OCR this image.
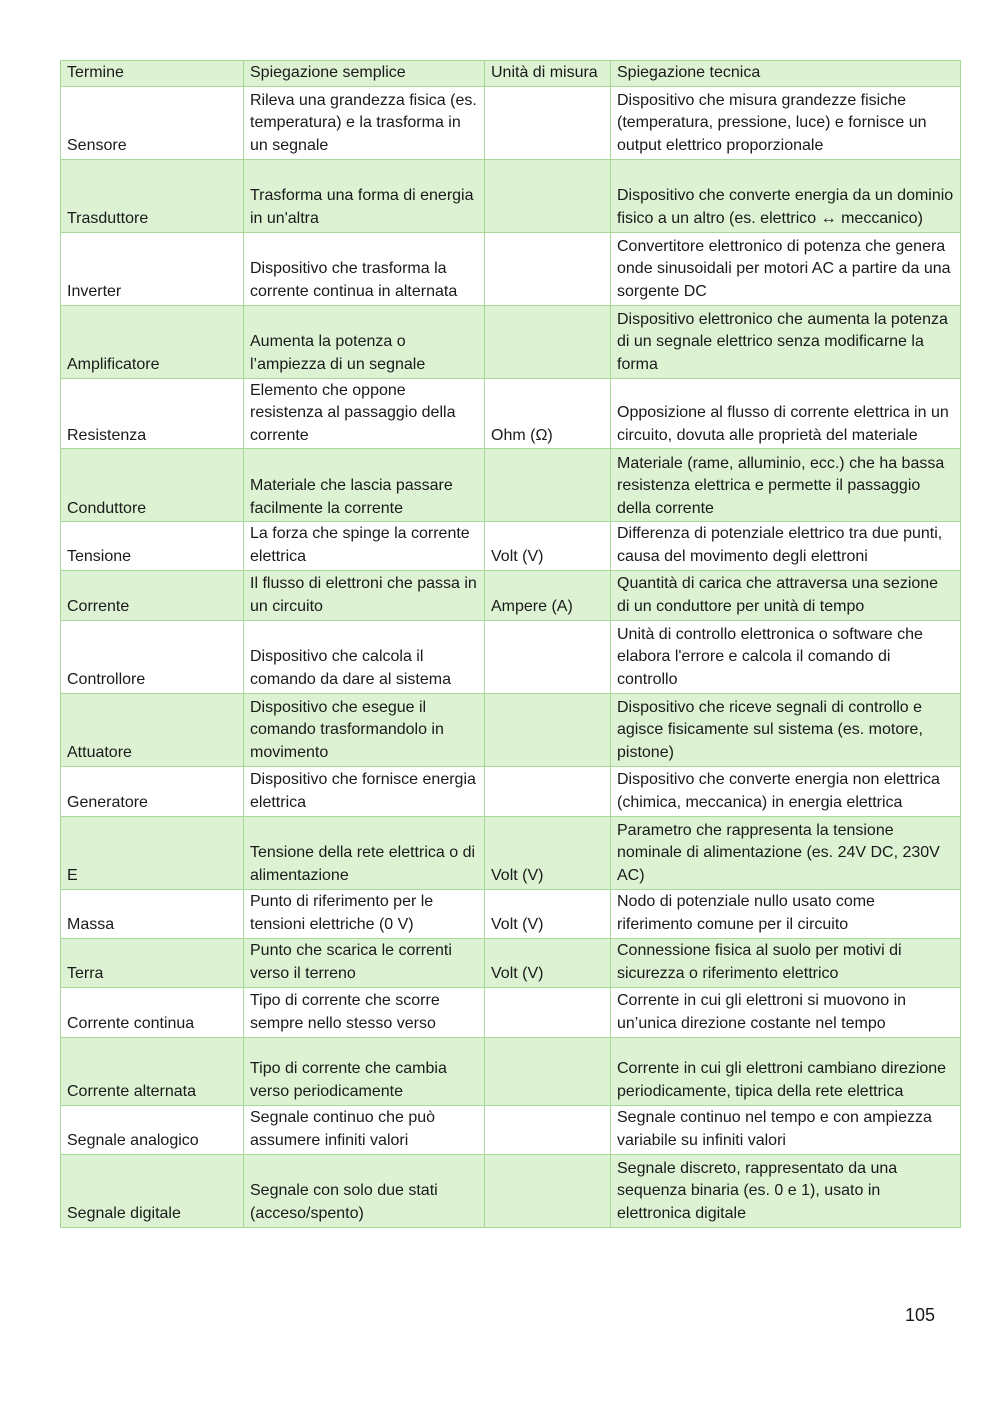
Termine	Spiegazione semplice	Unità di misura	Spiegazione tecnica
Sensore	Rileva una grandezza fisica (es. temperatura) e la trasforma in un segnale		Dispositivo che misura grandezze fisiche (temperatura, pressione, luce) e fornisce un output elettrico proporzionale
Trasduttore	Trasforma una forma di energia in un'altra		Dispositivo che converte energia da un dominio fisico a un altro (es. elettrico ↔ meccanico)
Inverter	Dispositivo che trasforma la corrente continua in alternata		Convertitore elettronico di potenza che genera onde sinusoidali per motori AC a partire da una sorgente DC
Amplificatore	Aumenta la potenza o l’ampiezza di un segnale		Dispositivo elettronico che aumenta la potenza di un segnale elettrico senza modificarne la forma
Resistenza	Elemento che oppone resistenza al passaggio della corrente	Ohm (Ω)	Opposizione al flusso di corrente elettrica in un circuito, dovuta alle proprietà del materiale
Conduttore	Materiale che lascia passare facilmente la corrente		Materiale (rame, alluminio, ecc.) che ha bassa resistenza elettrica e permette il passaggio della corrente
Tensione	La forza che spinge la corrente elettrica	Volt (V)	Differenza di potenziale elettrico tra due punti, causa del movimento degli elettroni
Corrente	Il flusso di elettroni che passa in un circuito	Ampere (A)	Quantità di carica che attraversa una sezione di un conduttore per unità di tempo
Controllore	Dispositivo che calcola il comando da dare al sistema		Unità di controllo elettronica o software che elabora l'errore e calcola il comando di controllo
Attuatore	Dispositivo che esegue il comando trasformandolo in movimento		Dispositivo che riceve segnali di controllo e agisce fisicamente sul sistema (es. motore, pistone)
Generatore	Dispositivo che fornisce energia elettrica		Dispositivo che converte energia non elettrica (chimica, meccanica) in energia elettrica
E	Tensione della rete elettrica o di alimentazione	Volt (V)	Parametro che rappresenta la tensione nominale di alimentazione (es. 24V DC, 230V AC)
Massa	Punto di riferimento per le tensioni elettriche (0 V)	Volt (V)	Nodo di potenziale nullo usato come riferimento comune per il circuito
Terra	Punto che scarica le correnti verso il terreno	Volt (V)	Connessione fisica al suolo per motivi di sicurezza o riferimento elettrico
Corrente continua	Tipo di corrente che scorre sempre nello stesso verso		Corrente in cui gli elettroni si muovono in un’unica direzione costante nel tempo
Corrente alternata	Tipo di corrente che cambia verso periodicamente		Corrente in cui gli elettroni cambiano direzione periodicamente, tipica della rete elettrica
Segnale analogico	Segnale continuo che può assumere infiniti valori		Segnale continuo nel tempo e con ampiezza variabile su infiniti valori
Segnale digitale	Segnale con solo due stati (acceso/spento)		Segnale discreto, rappresentato da una sequenza binaria (es. 0 e 1), usato in elettronica digitale
105
